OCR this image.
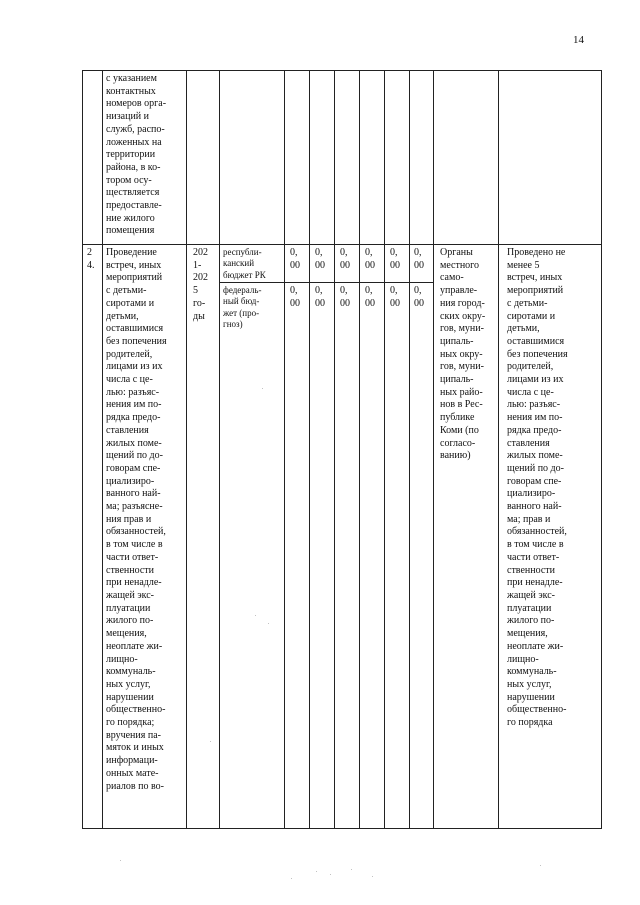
14
с указанием
контактных
номеров орга-
низаций и
служб, распо-
ложенных на
территории
района, в ко-
тором осу-
ществляется
предоставле-
ние жилого
помещения
2
4.
Проведение
встреч, иных
мероприятий
с детьми-
сиротами и
детьми,
оставшимися
без попечения
родителей,
лицами из их
числа с це-
лью: разъяс-
нения им по-
рядка предо-
ставления
жилых поме-
щений по до-
говорам спе-
циализиро-
ванного най-
ма; разъясне-
ния прав и
обязанностей,
в том числе в
части ответ-
ственности
при ненадле-
жащей экс-
плуатации
жилого по-
мещения,
неоплате жи-
лищно-
коммуналь-
ных услуг,
нарушении
общественно-
го порядка;
вручения па-
мяток и иных
информаци-
онных мате-
риалов по во-
202
1-
202
5
го-
ды
республи-
канский
бюджет РК
федераль-
ный бюд-
жет (про-
гноз)
0,
00
0,
00
0,
00
0,
00
0,
00
0,
00
0,
00
0,
00
0,
00
0,
00
0,
00
0,
00
Органы
местного
само-
управле-
ния город-
ских окру-
гов, муни-
ципаль-
ных окру-
гов, муни-
ципаль-
ных райо-
нов в Рес-
публике
Коми (по
согласо-
ванию)
Проведено не
менее 5
встреч, иных
мероприятий
с детьми-
сиротами и
детьми,
оставшимися
без попечения
родителей,
лицами из их
числа с це-
лью: разъяс-
нения им по-
рядка предо-
ставления
жилых поме-
щений по до-
говорам спе-
циализиро-
ванного най-
ма; прав и
обязанностей,
в том числе в
части ответ-
ственности
при ненадле-
жащей экс-
плуатации
жилого по-
мещения,
неоплате жи-
лищно-
коммуналь-
ных услуг,
нарушении
общественно-
го порядка
